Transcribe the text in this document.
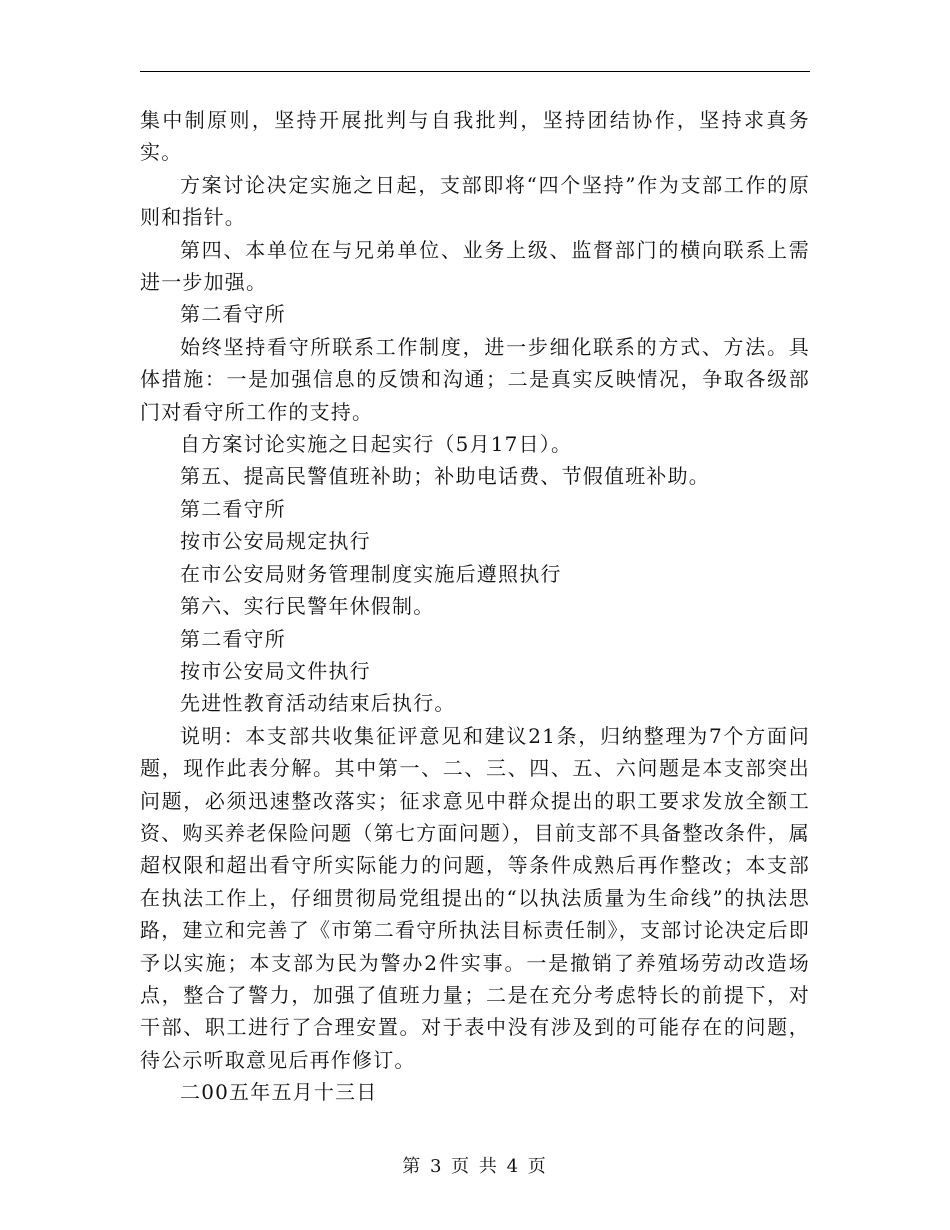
集中制原则，坚持开展批判与自我批判，坚持团结协作，坚持求真务实。

方案讨论决定实施之日起，支部即将“四个坚持”作为支部工作的原则和指针。

第四、本单位在与兄弟单位、业务上级、监督部门的横向联系上需进一步加强。

第二看守所

始终坚持看守所联系工作制度，进一步细化联系的方式、方法。具体措施：一是加强信息的反馈和沟通；二是真实反映情况，争取各级部门对看守所工作的支持。

自方案讨论实施之日起实行（5月17日）。

第五、提高民警值班补助；补助电话费、节假值班补助。

第二看守所

按市公安局规定执行

在市公安局财务管理制度实施后遵照执行

第六、实行民警年休假制。

第二看守所

按市公安局文件执行

先进性教育活动结束后执行。

说明：本支部共收集征评意见和建议21条，归纳整理为7个方面问题，现作此表分解。其中第一、二、三、四、五、六问题是本支部突出问题，必须迅速整改落实；征求意见中群众提出的职工要求发放全额工资、购买养老保险问题（第七方面问题），目前支部不具备整改条件，属超权限和超出看守所实际能力的问题，等条件成熟后再作整改；本支部在执法工作上，仔细贯彻局党组提出的“以执法质量为生命线”的执法思路，建立和完善了《市第二看守所执法目标责任制》，支部讨论决定后即予以实施；本支部为民为警办2件实事。一是撤销了养殖场劳动改造场点，整合了警力，加强了值班力量；二是在充分考虑特长的前提下，对干部、职工进行了合理安置。对于表中没有涉及到的可能存在的问题，待公示听取意见后再作修订。

二00五年五月十三日

第 3 页 共 4 页
